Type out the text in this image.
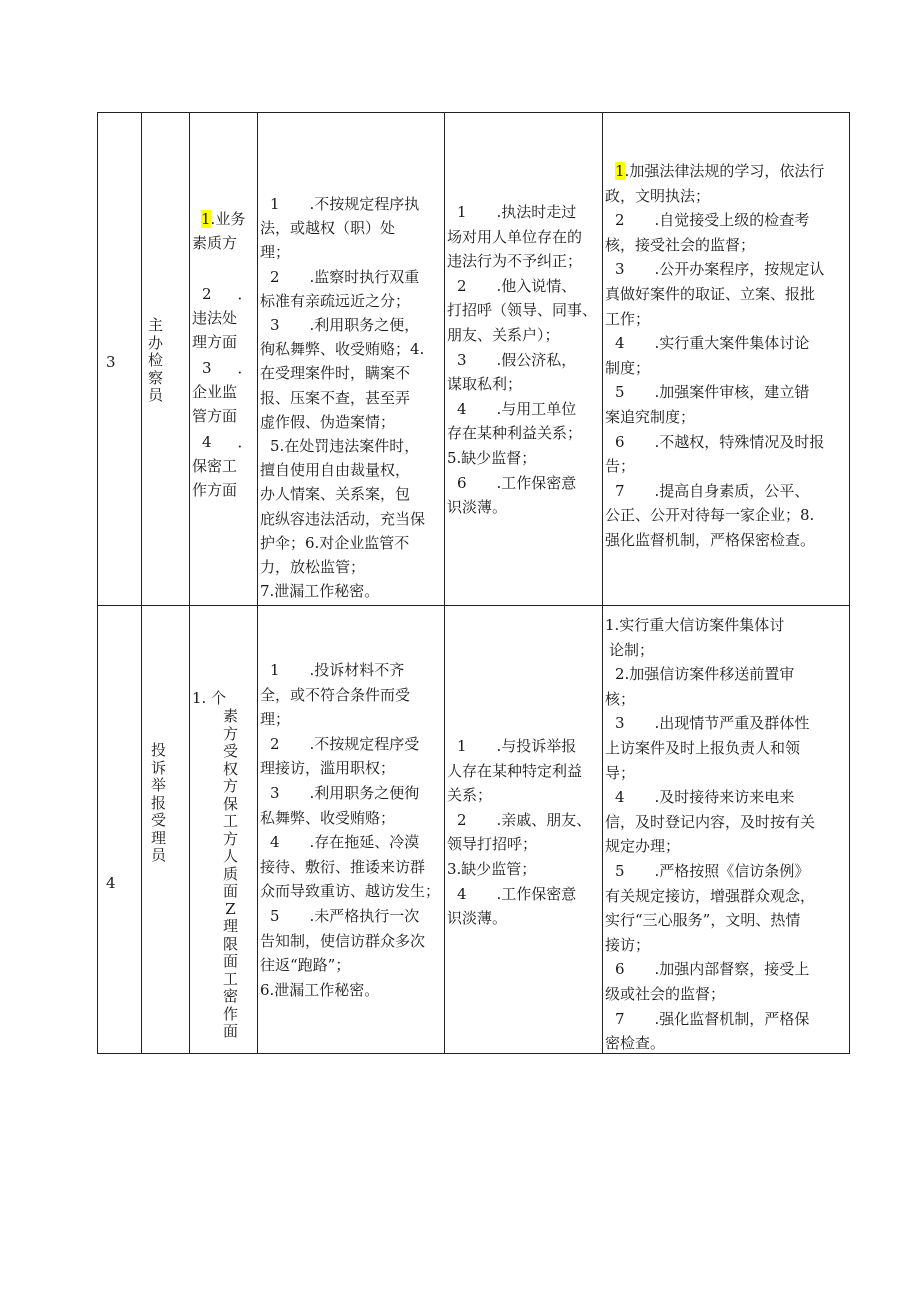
3
主
办
检
察
员

1.业务

素质方

2 ．

违法处

理方面

3 ．

企业监

管方面

4 ．

保密工

作方面

1　　.不按规定程序执

法，或越权（职）处

理；

2　　.监察时执行双重

标准有亲疏远近之分；

3　　.利用职务之便，

徇私舞弊、收受贿赂；4.

在受理案件时，瞒案不

报、压案不查，甚至弄

虚作假、伪造案情；

5.在处罚违法案件时，

擅自使用自由裁量权，

办人情案、关系案，包

庇纵容违法活动，充当保

护伞；6.对企业监管不

力，放松监管；

7.泄漏工作秘密。

1　　.执法时走过

场对用人单位存在的

违法行为不予纠正；

2　　.他入说情、

打招呼（领导、同事、

朋友、关系户）；

3　　.假公济私，

谋取私利；

4　　.与用工单位

存在某种利益关系；

5.缺少监督；

6　　.工作保密意

识淡薄。

1.加强法律法规的学习，依法行

政，文明执法；

2　　.自觉接受上级的检查考

核，接受社会的监督；

3　　.公开办案程序，按规定认

真做好案件的取证、立案、报批

工作；

4　　.实行重大案件集体讨论

制度；

5　　.加强案件审核，建立错

案追究制度；

6　　.不越权，特殊情况及时报

告；

7　　.提高自身素质，公平、

公正、公开对待每一家企业；8.

强化监督机制，严格保密检查。

4
投
诉
举
报
受
理
员
1. 个
素
方
受
权
方
保
工
方
人
质
面
Z
理
限
面
工
密
作
面

1　　.投诉材料不齐

全，或不符合条件而受

理；

2　　.不按规定程序受

理接访，滥用职权；

3　　.利用职务之便徇

私舞弊、收受贿赂；

4　　.存在拖延、冷漠

接待、敷衍、推诿来访群

众而导致重访、越访发生；

5　　.未严格执行一次

告知制，使信访群众多次

往返“跑路”；

6.泄漏工作秘密。

1　　.与投诉举报

人存在某种特定利益

关系；

2　　.亲戚、朋友、

领导打招呼；

3.缺少监管；

4　　.工作保密意

识淡薄。

1.实行重大信访案件集体讨

论制；

2.加强信访案件移送前置审

核；

3　　.出现情节严重及群体性

上访案件及时上报负责人和领

导；

4　　.及时接待来访来电来

信，及时登记内容，及时按有关

规定办理；

5　　.严格按照《信访条例》

有关规定接访，增强群众观念，

实行“三心服务”，文明、热情

接访；

6　　.加强内部督察，接受上

级或社会的监督；

7　　.强化监督机制，严格保

密检查。
